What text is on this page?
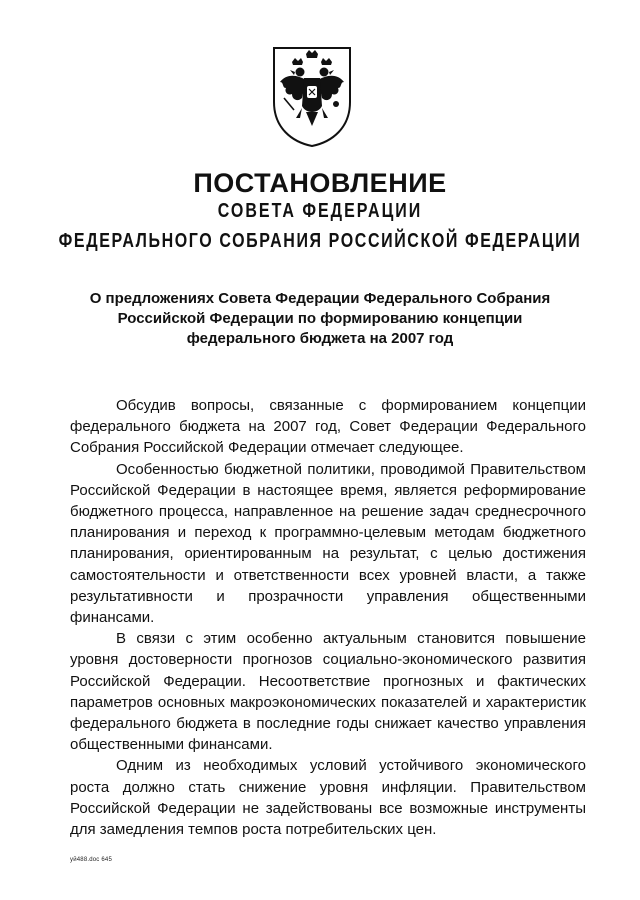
ПОСТАНОВЛЕНИЕ
СОВЕТА ФЕДЕРАЦИИ
ФЕДЕРАЛЬНОГО СОБРАНИЯ РОССИЙСКОЙ ФЕДЕРАЦИИ

О предложениях Совета Федерации Федерального Собрания Российской Федерации по формированию концепции федерального бюджета на 2007 год

Обсудив вопросы, связанные с формированием концепции федерального бюджета на 2007 год, Совет Федерации Федерального Собрания Российской Федерации отмечает следующее.

Особенностью бюджетной политики, проводимой Правительством Российской Федерации в настоящее время, является реформирование бюджетного процесса, направленное на решение задач среднесрочного планирования и переход к программно-целевым методам бюджетного планирования, ориентированным на результат, с целью достижения самостоятельности и ответственности всех уровней власти, а также результативности и прозрачности управления общественными финансами.

В связи с этим особенно актуальным становится повышение уровня достоверности прогнозов социально-экономического развития Российской Федерации. Несоответствие прогнозных и фактических параметров основных макроэкономических показателей и характеристик федерального бюджета в последние годы снижает качество управления общественными финансами.

Одним из необходимых условий устойчивого экономического роста должно стать снижение уровня инфляции. Правительством Российской Федерации не задействованы все возможные инструменты для замедления темпов роста потребительских цен.

уй488.doc 645
